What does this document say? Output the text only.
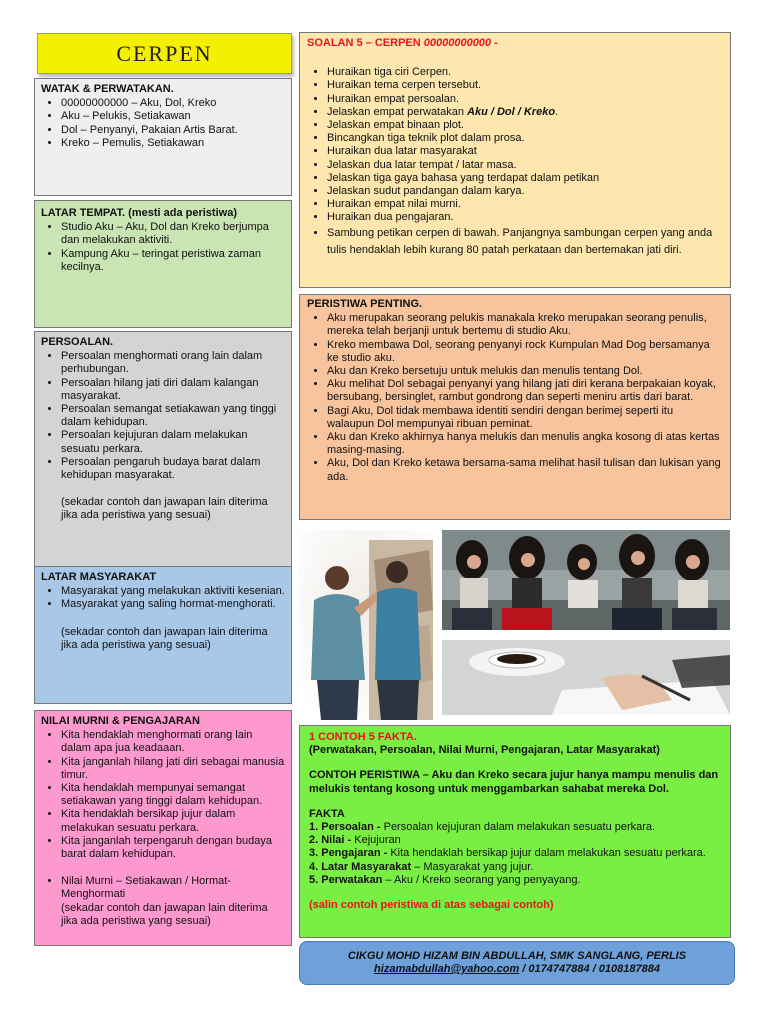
CERPEN
WATAK & PERWATAKAN.
• 00000000000 – Aku, Dol, Kreko
• Aku – Pelukis, Setiakawan
• Dol – Penyanyi, Pakaian Artis Barat.
• Kreko – Pemulis, Setiakawan
LATAR TEMPAT. (mesti ada peristiwa)
• Studio Aku – Aku, Dol dan Kreko berjumpa dan melakukan aktiviti.
• Kampung Aku – teringat peristiwa zaman kecilnya.
PERSOALAN.
• Persoalan menghormati orang lain dalam perhubungan.
• Persoalan hilang jati diri dalam kalangan masyarakat.
• Persoalan semangat setiakawan yang tinggi dalam kehidupan.
• Persoalan kejujuran dalam melakukan sesuatu perkara.
• Persoalan pengaruh budaya barat dalam kehidupan masyarakat.
(sekadar contoh dan jawapan lain diterima jika ada peristiwa yang sesuai)
LATAR MASYARAKAT
• Masyarakat yang melakukan aktiviti kesenian.
• Masyarakat yang saling hormat-menghorati.
(sekadar contoh dan jawapan lain diterima jika ada peristiwa yang sesuai)
NILAI MURNI & PENGAJARAN
• Kita hendaklah menghormati orang lain dalam apa jua keadaaan.
• Kita janganlah hilang jati diri sebagai manusia timur.
• Kita hendaklah mempunyai semangat setiakawan yang tinggi dalam kehidupan.
• Kita hendaklah bersikap jujur dalam melakukan sesuatu perkara.
• Kita janganlah terpengaruh dengan budaya barat dalam kehidupan.
• Nilai Murni – Setiakawan / Hormat-Menghormati
(sekadar contoh dan jawapan lain diterima jika ada peristiwa yang sesuai)
SOALAN 5 – CERPEN 00000000000 -
• Huraikan tiga ciri Cerpen.
• Huraikan tema cerpen tersebut.
• Huraikan empat persoalan.
• Jelaskan empat perwatakan Aku / Dol / Kreko.
• Jelaskan empat binaan plot.
• Bincangkan tiga teknik plot dalam prosa.
• Huraikan dua latar masyarakat
• Jelaskan dua latar tempat / latar masa.
• Jelaskan tiga gaya bahasa yang terdapat dalam petikan
• Jelaskan sudut pandangan dalam karya.
• Huraikan empat nilai murni.
• Huraikan dua pengajaran.
• Sambung petikan cerpen di bawah. Panjangnya sambungan cerpen yang anda tulis hendaklah lebih kurang 80 patah perkataan dan bertemakan jati diri.
PERISTIWA PENTING.
• Aku merupakan seorang pelukis manakala kreko merupakan seorang penulis, mereka telah berjanji untuk bertemu di studio Aku.
• Kreko membawa Dol, seorang penyanyi rock Kumpulan Mad Dog bersamanya ke studio aku.
• Aku dan Kreko bersetuju untuk melukis dan menulis tentang Dol.
• Aku melihat Dol sebagai penyanyi yang hilang jati diri kerana berpakaian koyak, bersubang, bersinglet, rambut gondrong dan seperti meniru artis dari barat.
• Bagi Aku, Dol tidak membawa identiti sendiri dengan berimej seperti itu walaupun Dol mempunyai ribuan peminat.
• Aku dan Kreko akhirnya hanya melukis dan menulis angka kosong di atas kertas masing-masing.
• Aku, Dol dan Kreko ketawa bersama-sama melihat hasil tulisan dan lukisan yang ada.

1 CONTOH 5 FAKTA.

(Perwatakan, Persoalan, Nilai Murni, Pengajaran, Latar Masyarakat)

CONTOH PERISTIWA – Aku dan Kreko secara jujur hanya mampu menulis dan melukis tentang kosong untuk menggambarkan sahabat mereka Dol.

FAKTA

1. Persoalan - Persoalan kejujuran dalam melakukan sesuatu perkara.

2. Nilai - Kejujuran

3. Pengajaran - Kita hendaklah bersikap jujur dalam melakukan sesuatu perkara.

4. Latar Masyarakat – Masyarakat yang jujur.

5. Perwatakan – Aku / Kreko seorang yang penyayang.

(salin contoh peristiwa di atas sebagai contoh)

CIKGU MOHD HIZAM BIN ABDULLAH, SMK SANGLANG, PERLIS
hizamabdullah@yahoo.com / 0174747884 / 0108187884
